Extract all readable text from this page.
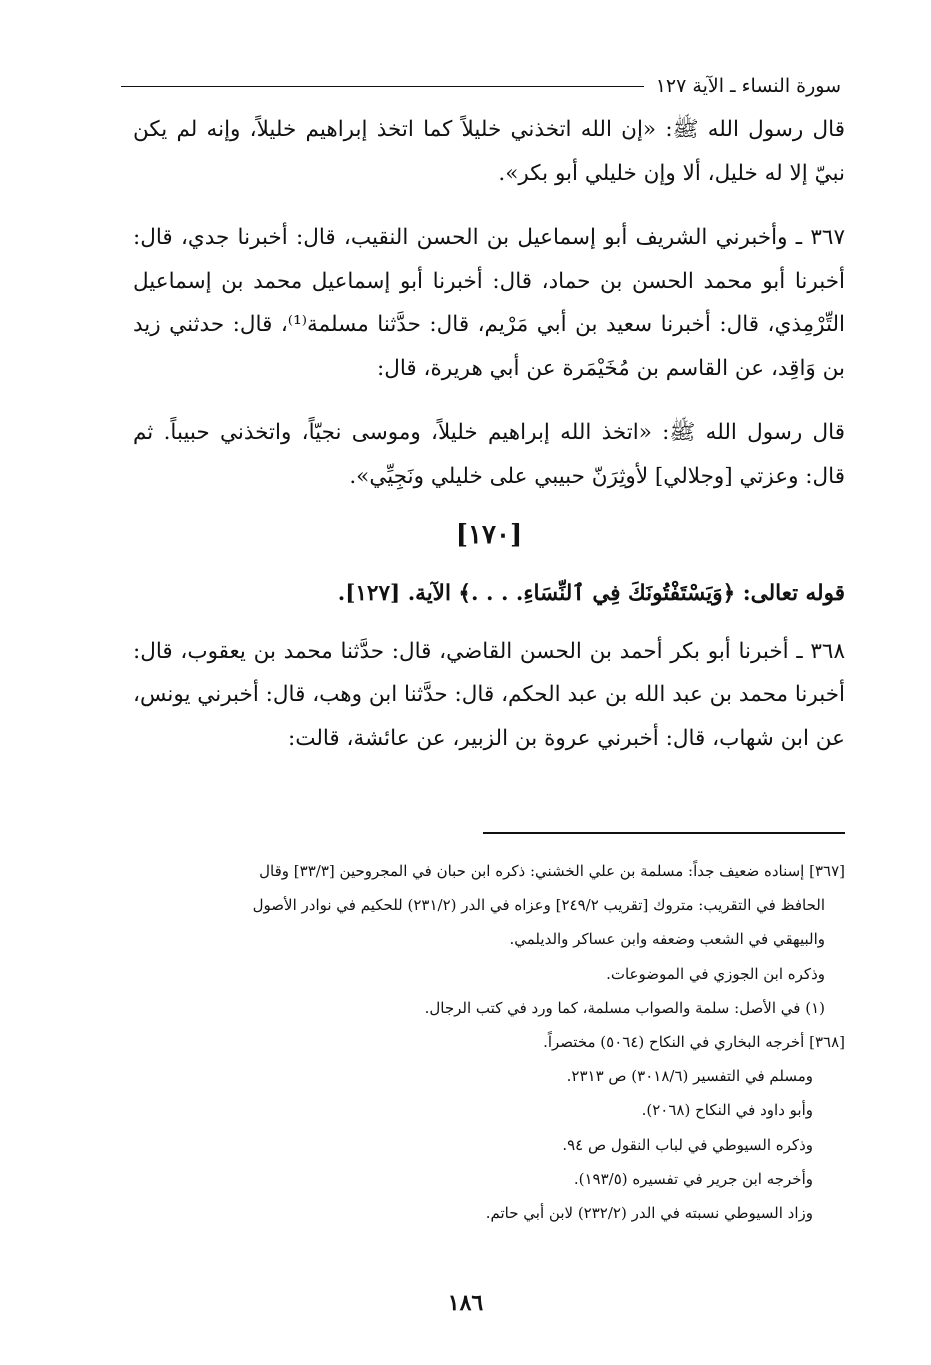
سورة النساء ـ الآية ١٢٧

قال رسول الله ﷺ: «إن الله اتخذني خليلاً كما اتخذ إبراهيم خليلاً، وإنه لم يكن نبيّ إلا له خليل، ألا وإن خليلي أبو بكر».

٣٦٧ ـ وأخبرني الشريف أبو إسماعيل بن الحسن النقيب، قال: أخبرنا جدي، قال: أخبرنا أبو محمد الحسن بن حماد، قال: أخبرنا أبو إسماعيل محمد بن إسماعيل التِّرْمِذي، قال: أخبرنا سعيد بن أبي مَرْيم، قال: حدَّثنا مسلمة⁽¹⁾، قال: حدثني زيد بن وَاقِد، عن القاسم بن مُخَيْمَرة عن أبي هريرة، قال:

قال رسول الله ﷺ: «اتخذ الله إبراهيم خليلاً، وموسى نجيّاً، واتخذني حبيباً. ثم قال: وعزتي [وجلالي] لأوثِرَنّ حبيبي على خليلي ونَجِيِّي».

[١٧٠]

قوله تعالى: ﴿وَيَسْتَفْتُونَكَ فِي ٱلنِّسَاءِ. . . .﴾ الآية. [١٢٧].

٣٦٨ ـ أخبرنا أبو بكر أحمد بن الحسن القاضي، قال: حدَّثنا محمد بن يعقوب، قال: أخبرنا محمد بن عبد الله بن عبد الحكم، قال: حدَّثنا ابن وهب، قال: أخبرني يونس، عن ابن شهاب، قال: أخبرني عروة بن الزبير، عن عائشة، قالت:

[٣٦٧] إسناده ضعيف جداً: مسلمة بن علي الخشني: ذكره ابن حبان في المجروحين [٣٣/٣] وقال

الحافظ في التقريب: متروك [تقريب ٢٤٩/٢] وعزاه في الدر (٢٣١/٢) للحكيم في نوادر الأصول

والبيهقي في الشعب وضعفه وابن عساكر والديلمي.

وذكره ابن الجوزي في الموضوعات.

(١) في الأصل: سلمة والصواب مسلمة، كما ورد في كتب الرجال.

[٣٦٨] أخرجه البخاري في النكاح (٥٠٦٤) مختصراً.

ومسلم في التفسير (٣٠١٨/٦) ص ٢٣١٣.

وأبو داود في النكاح (٢٠٦٨).

وذكره السيوطي في لباب النقول ص ٩٤.

وأخرجه ابن جرير في تفسيره (١٩٣/٥).

وزاد السيوطي نسبته في الدر (٢٣٢/٢) لابن أبي حاتم.

١٨٦
